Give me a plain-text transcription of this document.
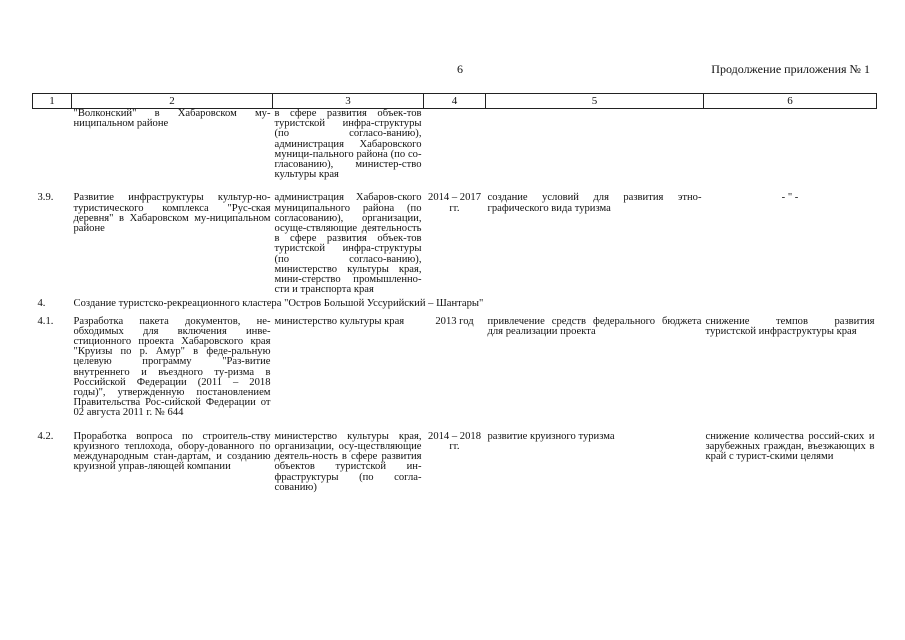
6	Продолжение приложения № 1
1	2	3	4	5	6
	"Волконский" в Хабаровском му-ниципальном районе	в сфере развития объек-тов туристской инфра-структуры (по согласо-ванию), администрация Хабаровского муници-пального района (по со-гласованию), министер-ство культуры края			

3.9.	Развитие инфраструктуры культур-но-туристического комплекса "Рус-ская деревня" в Хабаровском му-ниципальном районе	администрация Хабаров-ского муниципального района (по согласованию), организации, осуще-ствляющие деятельность в сфере развития объек-тов туристской инфра-структуры (по согласо-ванию), министерство культуры края, мини-стерство промышленно-сти и транспорта края	2014 – 2017 гг.	создание условий для развития этно-графического вида туризма	- " -

4.	Создание туристско-рекреационного кластера "Остров Большой Уссурийский – Шантары"				

4.1.	Разработка пакета документов, не-обходимых для включения инве-стиционного проекта Хабаровского края "Круизы по р. Амур" в феде-ральную целевую программу "Раз-витие внутреннего и въездного ту-ризма в Российской Федерации (2011 – 2018 годы)", утвержденную постановлением Правительства Рос-сийской Федерации от 02 августа 2011 г. № 644	министерство культуры края	2013 год	привлечение средств федерального бюджета для реализации проекта	снижение темпов развития туристской инфраструктуры края

4.2.	Проработка вопроса по строитель-ству круизного теплохода, обору-дованного по международным стан-дартам, и созданию круизной управ-ляющей компании	министерство культуры края, организации, осу-ществляющие деятель-ность в сфере развития объектов туристской ин-фраструктуры (по согла-сованию)	2014 – 2018 гг.	развитие круизного туризма	снижение количества россий-ских и зарубежных граждан, въезжающих в край с турист-скими целями
